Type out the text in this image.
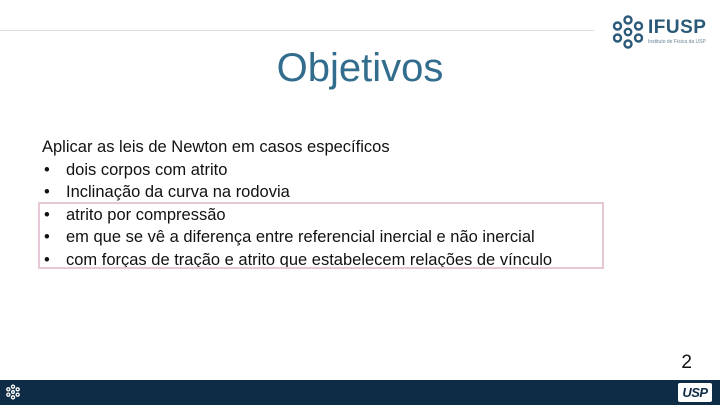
IFUSP
Instituto de Física da USP
Objetivos
Aplicar as leis de Newton em casos específicos
• dois corpos com atrito
• Inclinação da curva na rodovia
• atrito por compressão
• em que se vê a diferença entre referencial inercial e não inercial
• com forças de tração e atrito que estabelecem relações de vínculo
2
USP
